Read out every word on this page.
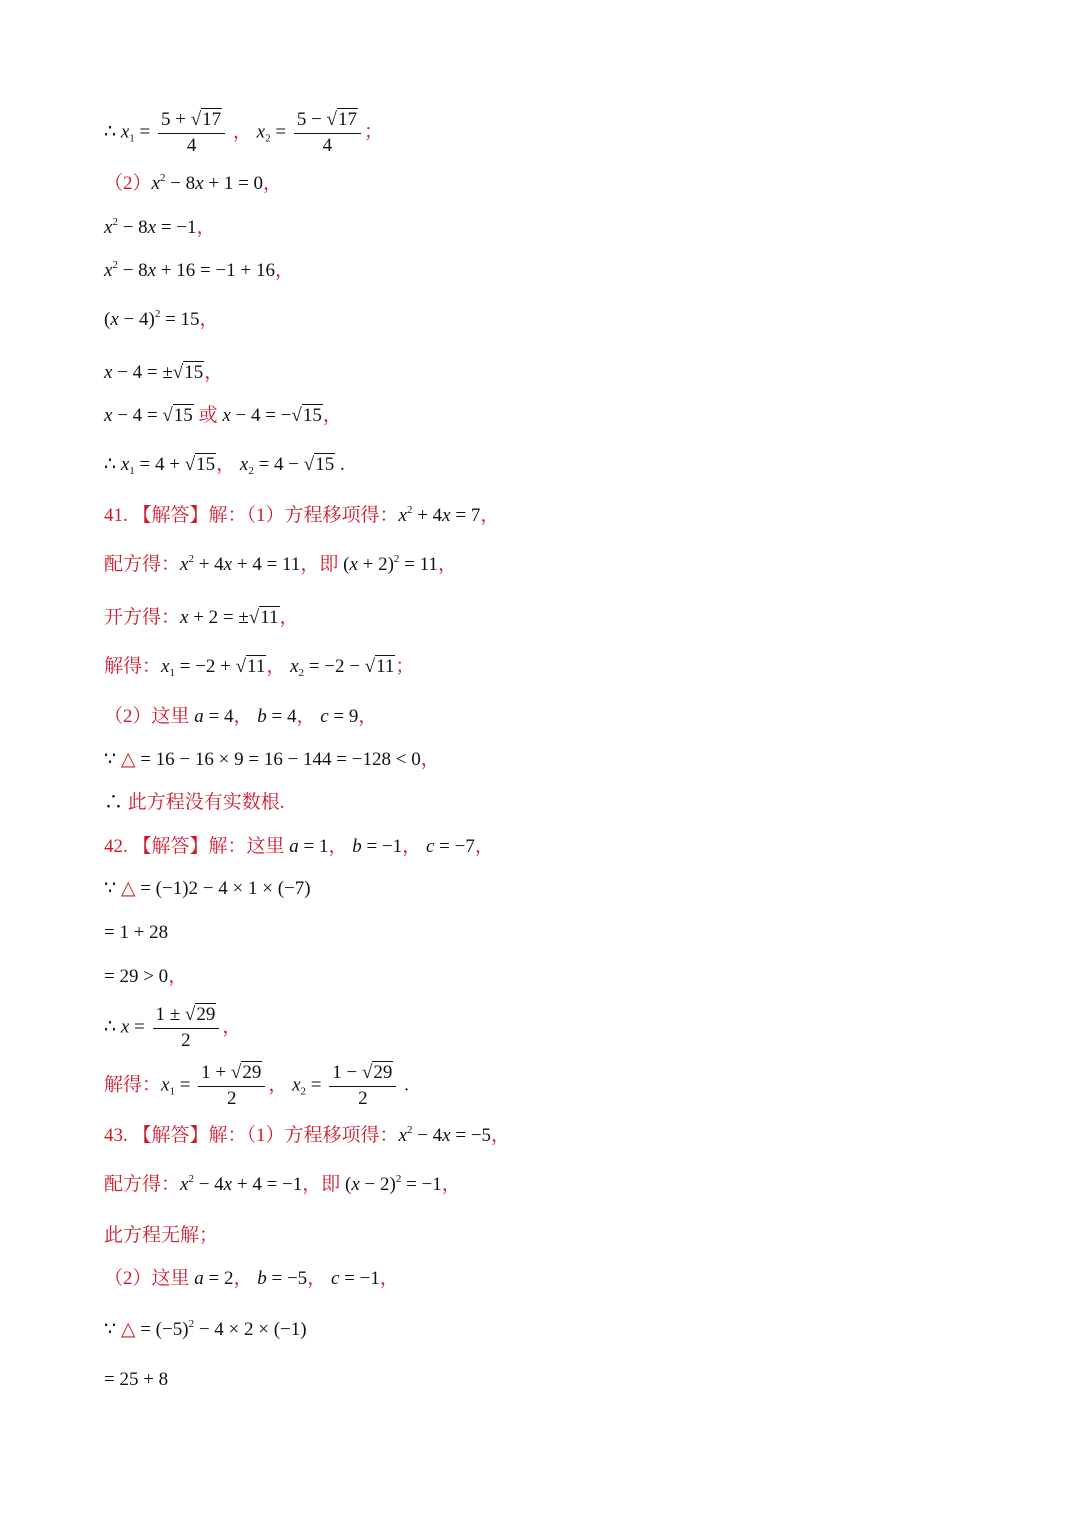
∴ $x_1 = \frac{5 + √17}{4}$ ， $x_2 = \frac{5 - √17}{4}$ ；
$(2)x^2 - 8x + 1 = 0$，
$x^2 - 8x = -1$，
$x^2 - 8x + 16 = -1 + 16$，
$(x - 4)^2 = 15$，
x − 4 = ±√15，
x − 4 = √15 或 x − 4 = −√15，
∴ $x_1 = 4 + √15$， $x_2 = 4 - √15$ .
41. 【解答】解：（1）方程移项得：$x^2 + 4x = 7$，
配方得：$x^2 + 4x + 4 = 11$，即 $(x + 2)^2 = 11$，
开方得：x + 2 = ±√11，
解得：$x_1 = -2 + √11$， $x_2 = -2 - √11$；
（2）这里 a = 4， b = 4， c = 9，
∵ △ = 16 − 16 × 9 = 16 − 144 = −128 < 0，
∴ 此方程没有实数根.
42. 【解答】解：这里 a = 1， b = −1， c = −7，
∵ △ = (−1)2 − 4 × 1 × (−7)
= 1 + 28
= 29 > 0，
∴ $x = \frac{1 \pm √29}{2}$ ，
解得：$x_1 = \frac{1 + √29}{2}$ ， $x_2 = \frac{1 - √29}{2}$ .
43. 【解答】解：（1）方程移项得：$x^2 - 4x = -5$，
配方得：$x^2 - 4x + 4 = -1$，即 $(x - 2)^2 = -1$，
此方程无解；
（2）这里 a = 2， b = −5， c = −1，
∵ △ = $(-5)^2 - 4 \times 2 \times (-1)$
= 25 + 8
